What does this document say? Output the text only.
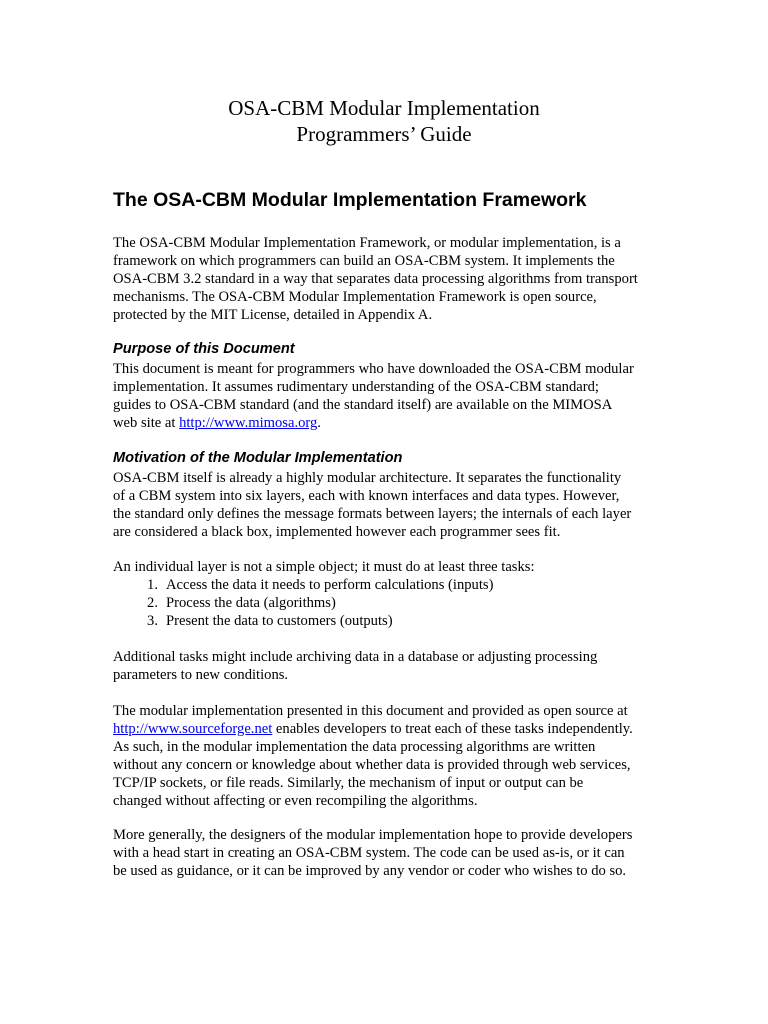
OSA-CBM Modular Implementation
Programmers’ Guide
The OSA-CBM Modular Implementation Framework
The OSA-CBM Modular Implementation Framework, or modular implementation, is a
framework on which programmers can build an OSA-CBM system. It implements the
OSA-CBM 3.2 standard in a way that separates data processing algorithms from transport
mechanisms. The OSA-CBM Modular Implementation Framework is open source,
protected by the MIT License, detailed in Appendix A.
Purpose of this Document
This document is meant for programmers who have downloaded the OSA-CBM modular
implementation. It assumes rudimentary understanding of the OSA-CBM standard;
guides to OSA-CBM standard (and the standard itself) are available on the MIMOSA
web site at http://www.mimosa.org.
Motivation of the Modular Implementation
OSA-CBM itself is already a highly modular architecture. It separates the functionality
of a CBM system into six layers, each with known interfaces and data types. However,
the standard only defines the message formats between layers; the internals of each layer
are considered a black box, implemented however each programmer sees fit.
An individual layer is not a simple object; it must do at least three tasks:
1. Access the data it needs to perform calculations (inputs)
2. Process the data (algorithms)
3. Present the data to customers (outputs)
Additional tasks might include archiving data in a database or adjusting processing
parameters to new conditions.
The modular implementation presented in this document and provided as open source at
http://www.sourceforge.net enables developers to treat each of these tasks independently.
As such, in the modular implementation the data processing algorithms are written
without any concern or knowledge about whether data is provided through web services,
TCP/IP sockets, or file reads. Similarly, the mechanism of input or output can be
changed without affecting or even recompiling the algorithms.
More generally, the designers of the modular implementation hope to provide developers
with a head start in creating an OSA-CBM system. The code can be used as-is, or it can
be used as guidance, or it can be improved by any vendor or coder who wishes to do so.
